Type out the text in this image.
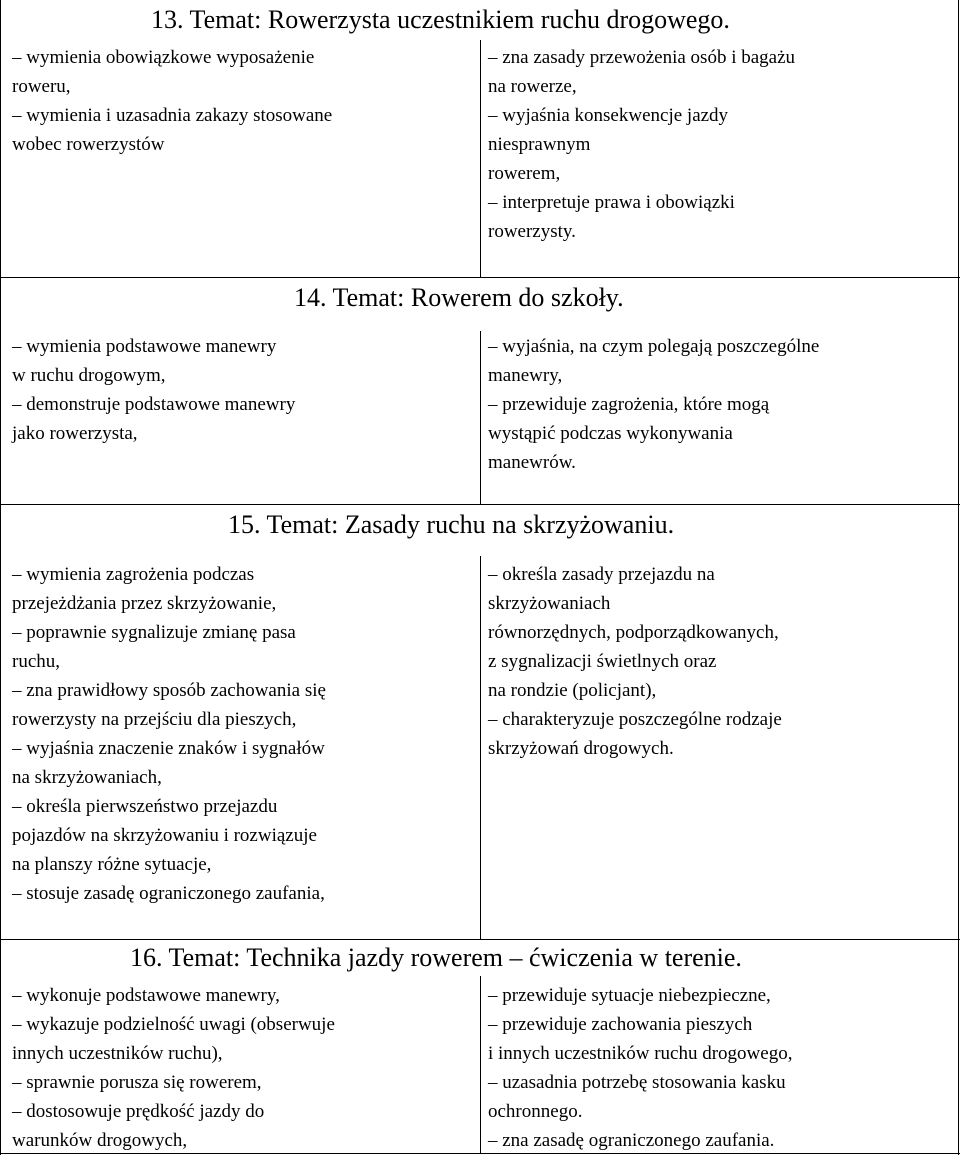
13. Temat: Rowerzysta uczestnikiem ruchu drogowego.
– wymienia obowiązkowe wyposażenie
roweru,
– wymienia i uzasadnia zakazy stosowane
wobec rowerzystów
– zna zasady przewożenia osób i bagażu
na rowerze,
– wyjaśnia konsekwencje jazdy
niesprawnym
rowerem,
– interpretuje prawa i obowiązki
rowerzysty.
14. Temat: Rowerem do szkoły.
– wymienia podstawowe manewry
w ruchu drogowym,
– demonstruje podstawowe manewry
jako rowerzysta,
– wyjaśnia, na czym polegają poszczególne
manewry,
– przewiduje zagrożenia, które mogą
wystąpić podczas wykonywania
manewrów.
15. Temat: Zasady ruchu na skrzyżowaniu.
– wymienia zagrożenia podczas
przejeżdżania przez skrzyżowanie,
– poprawnie sygnalizuje zmianę pasa
ruchu,
– zna prawidłowy sposób zachowania się
rowerzysty na przejściu dla pieszych,
– wyjaśnia znaczenie znaków i sygnałów
na skrzyżowaniach,
– określa pierwszeństwo przejazdu
pojazdów na skrzyżowaniu i rozwiązuje
na planszy różne sytuacje,
– stosuje zasadę ograniczonego zaufania,
– określa zasady przejazdu na
skrzyżowaniach
równorzędnych, podporządkowanych,
z sygnalizacji świetlnych oraz
na rondzie (policjant),
– charakteryzuje poszczególne rodzaje
skrzyżowań drogowych.
16. Temat: Technika jazdy rowerem – ćwiczenia w terenie.
– wykonuje podstawowe manewry,
– wykazuje podzielność uwagi (obserwuje
innych uczestników ruchu),
– sprawnie porusza się rowerem,
– dostosowuje prędkość jazdy do
warunków drogowych,
– przewiduje sytuacje niebezpieczne,
– przewiduje zachowania pieszych
i innych uczestników ruchu drogowego,
– uzasadnia potrzebę stosowania kasku
ochronnego.
– zna zasadę ograniczonego zaufania.
